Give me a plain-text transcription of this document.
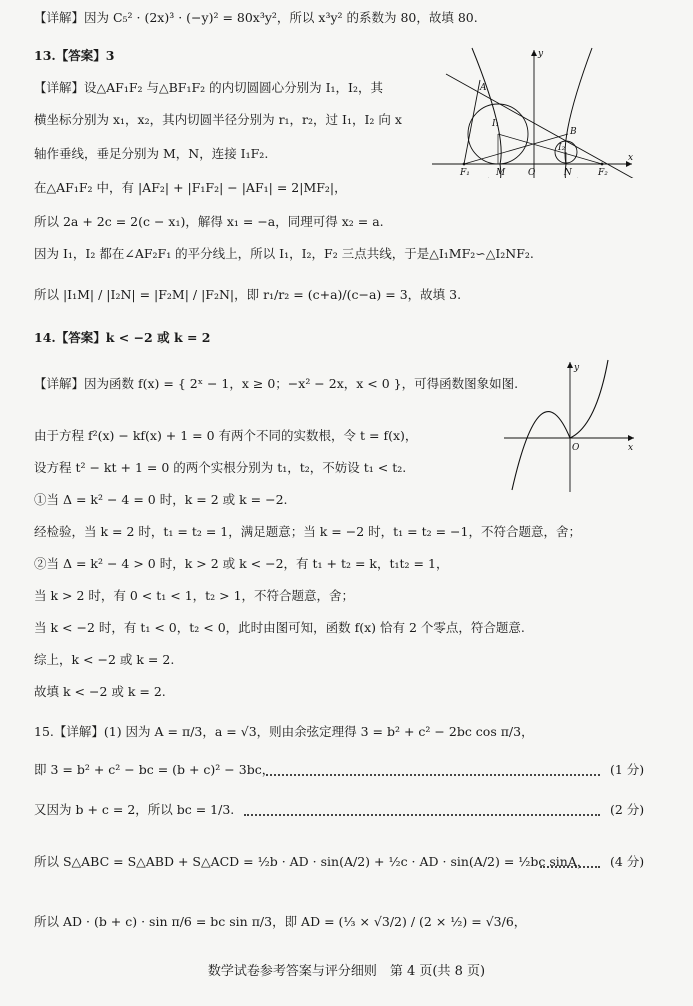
【详解】因为 C₅² · (2x)³ · (−y)² = 80x³y²，所以 x³y² 的系数为 80，故填 80.
13.【答案】3
【详解】设△AF₁F₂ 与△BF₁F₂ 的内切圆圆心分别为 I₁，I₂，其
横坐标分别为 x₁，x₂，其内切圆半径分别为 r₁，r₂，过 I₁，I₂ 向 x
轴作垂线，垂足分别为 M，N，连接 I₁F₂.
在△AF₁F₂ 中，有 |AF₂| + |F₁F₂| − |AF₁| = 2|MF₂|，
所以 2a + 2c = 2(c − x₁)，解得 x₁ = −a，同理可得 x₂ = a.
因为 I₁，I₂ 都在∠AF₂F₁ 的平分线上，所以 I₁，I₂，F₂ 三点共线，于是△I₁MF₂∽△I₂NF₂.
所以 |I₁M| / |I₂N| = |F₂M| / |F₂N|，即 r₁/r₂ = (c+a)/(c−a) = 3，故填 3.
y
x
A
B
I₁
I₂
F₁	M	O	N	F₂
14.【答案】k < −2 或 k = 2
【详解】因为函数 f(x) = { 2ˣ − 1，x ≥ 0；−x² − 2x，x < 0 }，可得函数图象如图.
由于方程 f²(x) − kf(x) + 1 = 0 有两个不同的实数根，令 t = f(x)，
设方程 t² − kt + 1 = 0 的两个实根分别为 t₁，t₂，不妨设 t₁ < t₂.
①当 Δ = k² − 4 = 0 时，k = 2 或 k = −2.
经检验，当 k = 2 时，t₁ = t₂ = 1，满足题意；当 k = −2 时，t₁ = t₂ = −1，不符合题意，舍；
②当 Δ = k² − 4 > 0 时，k > 2 或 k < −2，有 t₁ + t₂ = k，t₁t₂ = 1，
当 k > 2 时，有 0 < t₁ < 1，t₂ > 1，不符合题意，舍；
当 k < −2 时，有 t₁ < 0，t₂ < 0，此时由图可知，函数 f(x) 恰有 2 个零点，符合题意.
综上，k < −2 或 k = 2.
故填 k < −2 或 k = 2.
y
x
O
15.【详解】(1) 因为 A = π/3，a = √3，则由余弦定理得 3 = b² + c² − 2bc cos π/3，
即 3 = b² + c² − bc = (b + c)² − 3bc，	(1 分)
又因为 b + c = 2，所以 bc = 1/3.	(2 分)
所以 S△ABC = S△ABD + S△ACD = ½b · AD · sin(A/2) + ½c · AD · sin(A/2) = ½bc sinA， (4 分)
所以 AD · (b + c) · sin π/6 = bc sin π/3，即 AD = (⅓ × √3/2) / (2 × ½) = √3/6，
数学试卷参考答案与评分细则　第 4 页(共 8 页)
